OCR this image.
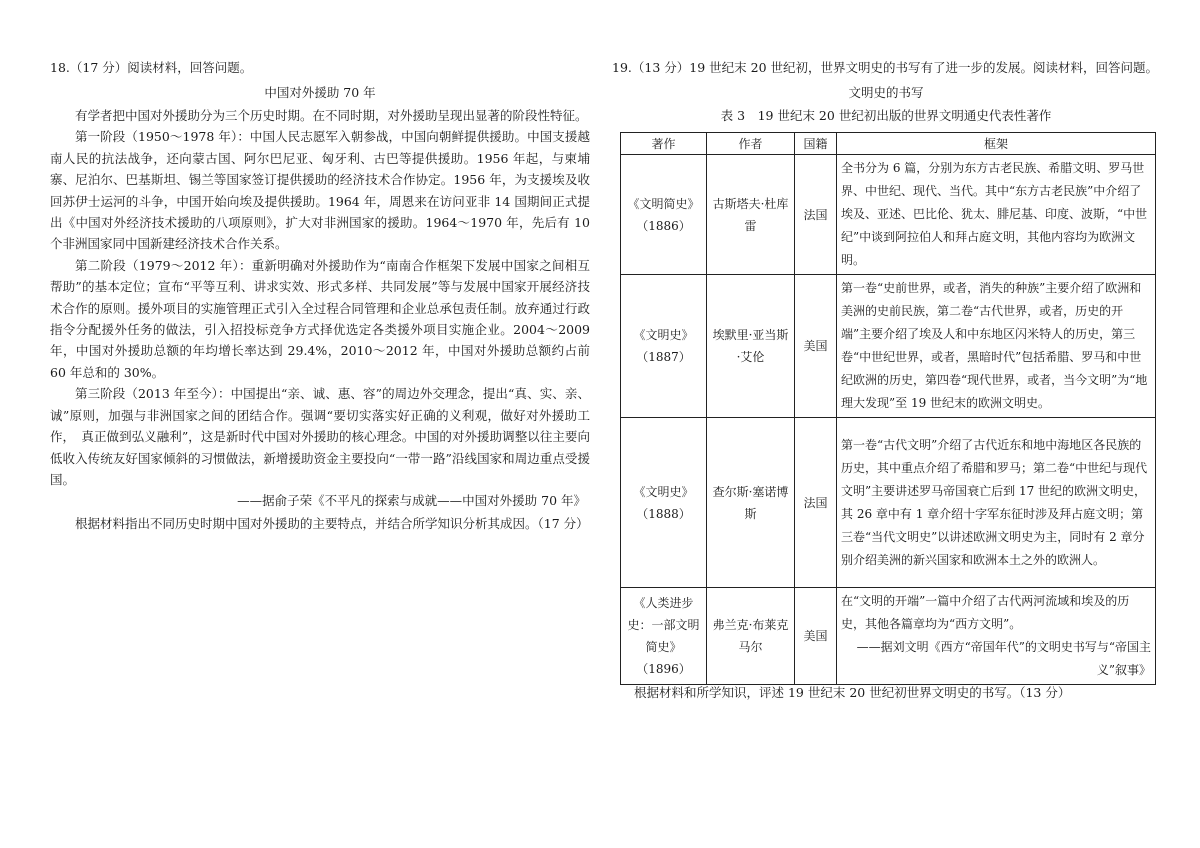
18.（17 分）阅读材料，回答问题。

中国对外援助 70 年

有学者把中国对外援助分为三个历史时期。在不同时期，对外援助呈现出显著的阶段性特征。

第一阶段（1950～1978 年）：中国人民志愿军入朝参战，中国向朝鲜提供援助。中国支援越南人民的抗法战争，还向蒙古国、阿尔巴尼亚、匈牙利、古巴等提供援助。1956 年起，与柬埔寨、尼泊尔、巴基斯坦、锡兰等国家签订提供援助的经济技术合作协定。1956 年，为支援埃及收回苏伊士运河的斗争，中国开始向埃及提供援助。1964 年，周恩来在访问亚非 14 国期间正式提出《中国对外经济技术援助的八项原则》，扩大对非洲国家的援助。1964～1970 年，先后有 10 个非洲国家同中国新建经济技术合作关系。

第二阶段（1979～2012 年）：重新明确对外援助作为“南南合作框架下发展中国家之间相互帮助”的基本定位；宣布“平等互利、讲求实效、形式多样、共同发展”等与发展中国家开展经济技术合作的原则。援外项目的实施管理正式引入全过程合同管理和企业总承包责任制。放弃通过行政指令分配援外任务的做法，引入招投标竞争方式择优选定各类援外项目实施企业。2004～2009 年，中国对外援助总额的年均增长率达到 29.4%，2010～2012 年，中国对外援助总额约占前 60 年总和的 30%。

第三阶段（2013 年至今）：中国提出“亲、诚、惠、容”的周边外交理念，提出“真、实、亲、诚”原则，加强与非洲国家之间的团结合作。强调“要切实落实好正确的义利观，做好对外援助工作，　真正做到弘义融利”，这是新时代中国对外援助的核心理念。中国的对外援助调整以往主要向低收入传统友好国家倾斜的习惯做法，新增援助资金主要投向“一带一路”沿线国家和周边重点受援国。

——据俞子荣《不平凡的探索与成就——中国对外援助 70 年》

根据材料指出不同历史时期中国对外援助的主要特点，并结合所学知识分析其成因。（17 分）

19.（13 分）19 世纪末 20 世纪初，世界文明史的书写有了进一步的发展。阅读材料，回答问题。

文明史的书写

表 3　19 世纪末 20 世纪初出版的世界文明通史代表性著作

著作	作者	国籍	框架
《文明简史》（1886）	古斯塔夫·杜库雷	法国	全书分为 6 篇，分别为东方古老民族、希腊文明、罗马世界、中世纪、现代、当代。其中“东方古老民族”中介绍了埃及、亚述、巴比伦、犹太、腓尼基、印度、波斯，“中世纪”中谈到阿拉伯人和拜占庭文明，其他内容均为欧洲文明。
《文明史》（1887）	埃默里·亚当斯·艾伦	美国	第一卷“史前世界，或者，消失的种族”主要介绍了欧洲和美洲的史前民族，第二卷“古代世界，或者，历史的开端”主要介绍了埃及人和中东地区闪米特人的历史，第三卷“中世纪世界，或者，黑暗时代”包括希腊、罗马和中世纪欧洲的历史，第四卷“现代世界，或者，当今文明”为“地理大发现”至 19 世纪末的欧洲文明史。
《文明史》（1888）	查尔斯·塞诺博斯	法国	第一卷“古代文明”介绍了古代近东和地中海地区各民族的历史，其中重点介绍了希腊和罗马；第二卷“中世纪与现代文明”主要讲述罗马帝国衰亡后到 17 世纪的欧洲文明史，其 26 章中有 1 章介绍十字军东征时涉及拜占庭文明；第三卷“当代文明史”以讲述欧洲文明史为主，同时有 2 章分别介绍美洲的新兴国家和欧洲本土之外的欧洲人。
《人类进步史：一部文明简史》（1896）	弗兰克·布莱克马尔	美国	在“文明的开端”一篇中介绍了古代两河流域和埃及的历史，其他各篇章均为“西方文明”。

——据刘文明《西方“帝国年代”的文明史书写与“帝国主义”叙事》

根据材料和所学知识，评述 19 世纪末 20 世纪初世界文明史的书写。（13 分）
